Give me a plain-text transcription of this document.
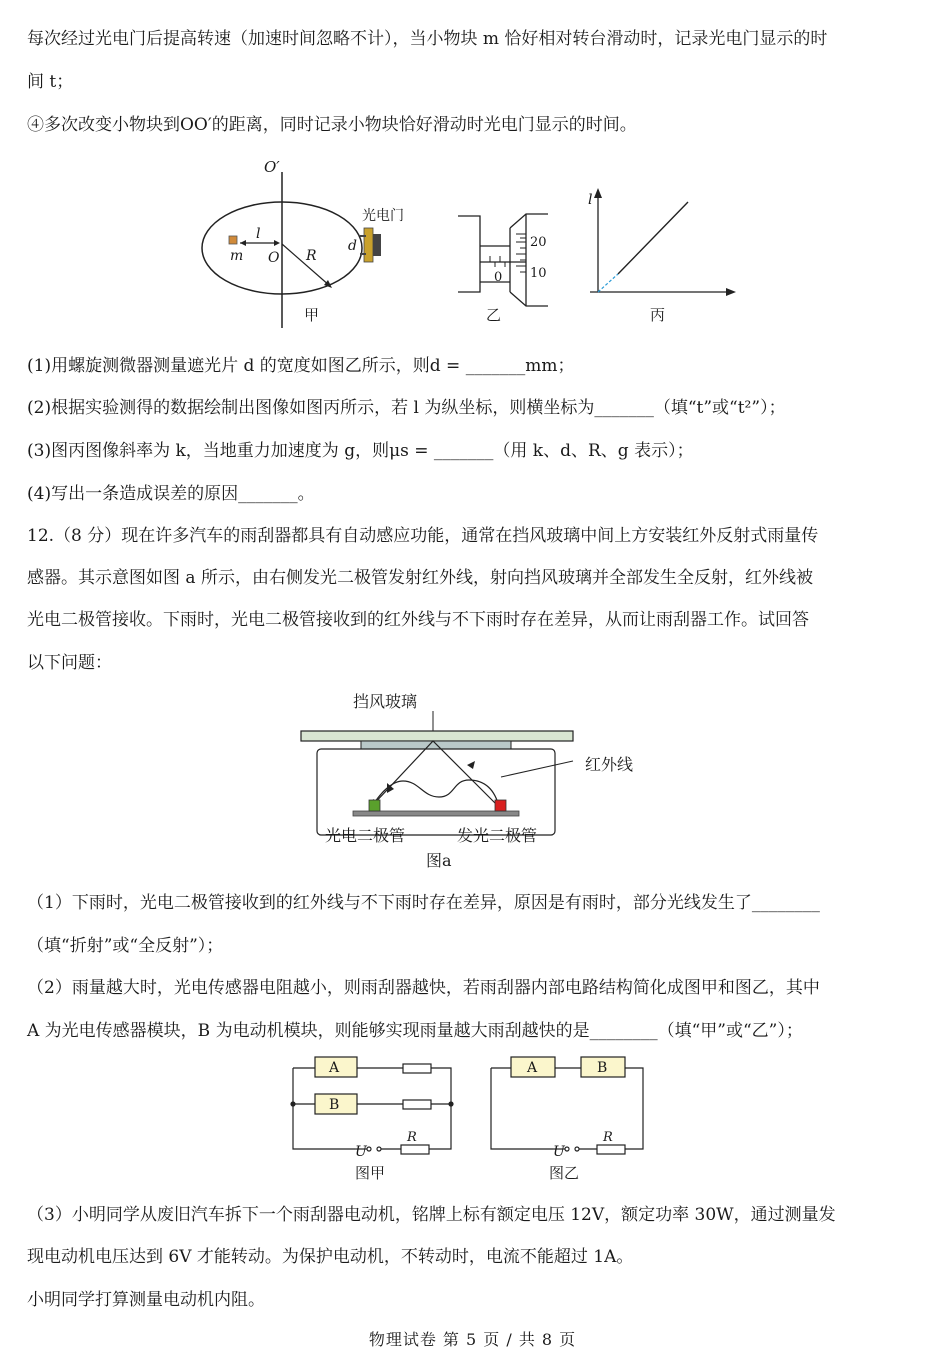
每次经过光电门后提高转速（加速时间忽略不计），当小物块 m 恰好相对转台滑动时，记录光电门显示的时
间 t；
④多次改变小物块到OO′的距离，同时记录小物块恰好滑动时光电门显示的时间。
O′
m
l
O R
d
光电门
甲
20
10
0
乙
l
丙
(1)用螺旋测微器测量遮光片 d 的宽度如图乙所示，则d = _______mm；
(2)根据实验测得的数据绘制出图像如图丙所示，若 l 为纵坐标，则横坐标为_______（填“t”或“t²”）；
(3)图丙图像斜率为 k，当地重力加速度为 g，则μs = _______（用 k、d、R、g 表示）；
(4)写出一条造成误差的原因_______。
12.（8 分）现在许多汽车的雨刮器都具有自动感应功能，通常在挡风玻璃中间上方安装红外反射式雨量传
感器。其示意图如图 a 所示，由右侧发光二极管发射红外线，射向挡风玻璃并全部发生全反射，红外线被
光电二极管接收。下雨时，光电二极管接收到的红外线与不下雨时存在差异，从而让雨刮器工作。试回答
以下问题：
挡风玻璃
红外线
光电二极管	发光二极管
图a
（1）下雨时，光电二极管接收到的红外线与不下雨时存在差异，原因是有雨时，部分光线发生了________
（填“折射”或“全反射”）；
（2）雨量越大时，光电传感器电阻越小，则雨刮器越快，若雨刮器内部电路结构简化成图甲和图乙，其中
A 为光电传感器模块，B 为电动机模块，则能够实现雨量越大雨刮越快的是________（填“甲”或“乙”）；
A
B
U
R
图甲
A	B
U
R
图乙
（3）小明同学从废旧汽车拆下一个雨刮器电动机，铭牌上标有额定电压 12V，额定功率 30W，通过测量发
现电动机电压达到 6V 才能转动。为保护电动机，不转动时，电流不能超过 1A。
小明同学打算测量电动机内阻。
物理试卷 第 5 页 / 共 8 页
